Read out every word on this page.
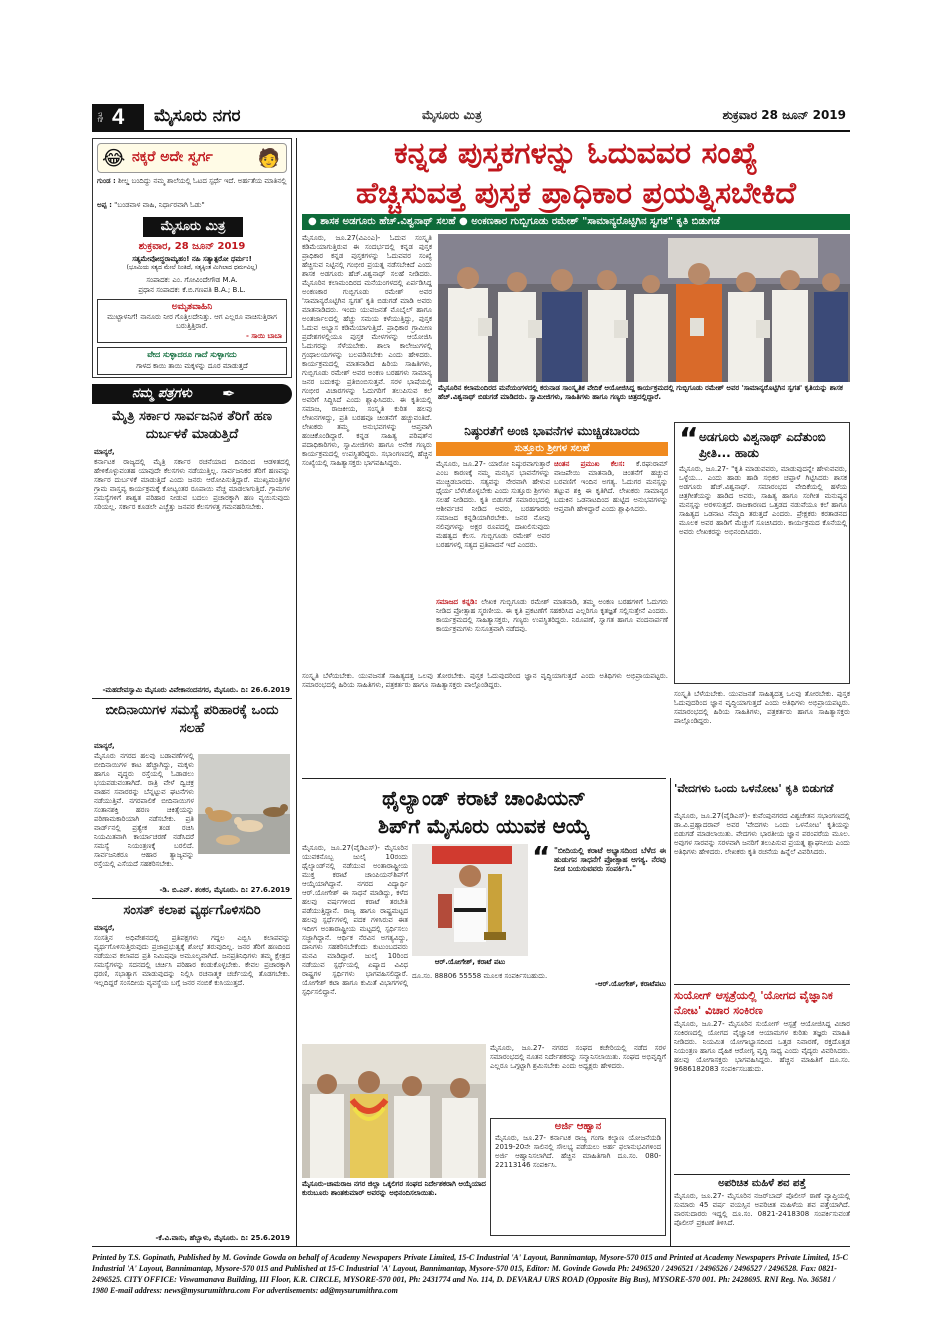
ಪುಟ 4 ಮೈಸೂರು ನಗರ	ಮೈಸೂರು ಮಿತ್ರ	ಶುಕ್ರವಾರ 28 ಜೂನ್ 2019
😂 ನಕ್ಕರೆ ಅದೇ ಸ್ವರ್ಗ 🧑
ಗುಂಡ : ಶೀಲ್ಡ ಬಂದಿದ್ದು ನಮ್ಮ ಶಾಲೆಯಲ್ಲಿ ಓಟದ ಸ್ಪರ್ಧೆ ಇದೆ. ಅರ್ಹತೆಯ ಮಾತಿನಲ್ಲಿ
ಅಪ್ಪ : "ಬಂಡವಾಳ ವಾಹಿ, ನಿರ್ಧಾರವಾಗಿ ಓಡು"
ಮೈಸೂರು ಮಿತ್ರ
ಶುಕ್ರವಾರ, 28 ಜೂನ್ 2019
ಸತ್ಯಮೇವೋದ್ಧರಾಮ್ಯಹಂ! ನಹಿ ಸತ್ಯಾತ್ಪರೋ ಧರ್ಮ:!
(ಭೂಮಿಯ ಸತ್ಯದ ಮೇಲೆ ನಿಂತಿದೆ, ಸತ್ಯಕ್ಕಿಂತ ಮಿಗಿಲಾದ ಧರ್ಮವಿಲ್ಲ)
ಸಂಪಾದಕ: ಎಂ. ಗೋವಿಂದೇಗೌಡ M.A.
ಪ್ರಧಾನ ಸಂಪಾದಕ: ಕೆ.ಬಿ.ಗಣಪತಿ B.A.; B.L.
ಅಮೃತವಾಹಿನಿ
ಮುಟ್ಟಾಳನಿಗೆ! ನಾನೂರು ನೀರ ಗೊತ್ತಿಲದೇನಿತ್ತು. ಆಗ ಎಲ್ಲರೂ ವಾಚಿಸುತ್ತಿರಾಗ ಬರುತ್ತಿತ್ತಿರಾರೆ.
- ಸಾಯಿ ಬಾಬಾ
ವೇದ ಸುಳ್ಳಾದರೂ ಗಾದೆ ಸುಳ್ಳಾಗದು
ಗಾಳದ ಕಾಯಿ ತಾಯಿ ಮಕ್ಕಳನ್ನು ದೂರ ಮಾಡುತ್ತದೆ
ನಮ್ಮ ಪತ್ರಗಳು ✒
ಮೈತ್ರಿ ಸರ್ಕಾರ ಸಾರ್ವಜನಿಕ ತೆರಿಗೆ ಹಣ ದುರ್ಬಳಕೆ ಮಾಡುತ್ತಿದೆ
ಮಾನ್ಯರೆ,
ಕರ್ನಾಟಕ ರಾಜ್ಯದಲ್ಲಿ ಮೈತ್ರಿ ಸರ್ಕಾರ ರಚನೆಯಾದ ದಿನದಿಂದ ಆಡಳಿತದಲ್ಲಿ ಹೇಳಿಕೊಳ್ಳುವಂತಹ ಯಾವುದೇ ಕೆಲಸಗಳು ನಡೆಯುತ್ತಿಲ್ಲ. ಸಾರ್ವಜನಿಕರ ತೆರಿಗೆ ಹಣವನ್ನು ಸರ್ಕಾರ ದುರ್ಬಳಕೆ ಮಾಡುತ್ತಿದೆ ಎಂದು ಜನರು ಆರೋಪಿಸುತ್ತಿದ್ದಾರೆ. ಮುಖ್ಯಮಂತ್ರಿಗಳ ಗ್ರಾಮ ವಾಸ್ತವ್ಯ ಕಾರ್ಯಕ್ರಮಕ್ಕೆ ಕೋಟ್ಯಂತರ ರೂಪಾಯಿ ವೆಚ್ಚ ಮಾಡಲಾಗುತ್ತಿದೆ. ಗ್ರಾಮಗಳ ಸಮಸ್ಯೆಗಳಿಗೆ ಶಾಶ್ವತ ಪರಿಹಾರ ನೀಡುವ ಬದಲು ಪ್ರಚಾರಕ್ಕಾಗಿ ಹಣ ವ್ಯಯಿಸುವುದು ಸರಿಯಲ್ಲ. ಸರ್ಕಾರ ಕೂಡಲೇ ಎಚ್ಚೆತ್ತು ಜನಪರ ಕೆಲಸಗಳತ್ತ ಗಮನಹರಿಸಬೇಕು.
-ಮಹದೇವಸ್ವಾಮಿ ಮೈಸೂರು ವಿವೇಕಾನಂದನಗರ, ಮೈಸೂರು. ದಿ: 26.6.2019
ಬೀದಿನಾಯಿಗಳ ಸಮಸ್ಯೆ ಪರಿಹಾರಕ್ಕೆ ಒಂದು ಸಲಹೆ
ಮಾನ್ಯರೆ,
ಮೈಸೂರು ನಗರದ ಹಲವು ಬಡಾವಣೆಗಳಲ್ಲಿ ಬೀದಿನಾಯಿಗಳ ಕಾಟ ಹೆಚ್ಚಾಗಿದ್ದು, ಮಕ್ಕಳು ಹಾಗೂ ವೃದ್ಧರು ರಸ್ತೆಯಲ್ಲಿ ಓಡಾಡಲು ಭಯಪಡುವಂತಾಗಿದೆ. ರಾತ್ರಿ ವೇಳೆ ದ್ವಿಚಕ್ರ ವಾಹನ ಸವಾರರನ್ನು ಬೆನ್ನಟ್ಟುವ ಘಟನೆಗಳು ನಡೆಯುತ್ತಿವೆ. ನಗರಪಾಲಿಕೆ ಬೀದಿನಾಯಿಗಳ ಸಂತಾನಶಕ್ತಿ ಹರಣ ಚಿಕಿತ್ಸೆಯನ್ನು ಪರಿಣಾಮಕಾರಿಯಾಗಿ ನಡೆಸಬೇಕು. ಪ್ರತಿ ವಾರ್ಡ್‌ನಲ್ಲಿ ಪ್ರತ್ಯೇಕ ತಂಡ ರಚಿಸಿ ನಿಯಮಿತವಾಗಿ ಕಾರ್ಯಾಚರಣೆ ನಡೆಸಿದರೆ ಸಮಸ್ಯೆ ನಿಯಂತ್ರಣಕ್ಕೆ ಬರಲಿದೆ. ಸಾರ್ವಜನಿಕರೂ ಆಹಾರ ತ್ಯಾಜ್ಯವನ್ನು ರಸ್ತೆಯಲ್ಲಿ ಎಸೆಯದೆ ಸಹಕರಿಸಬೇಕು.
-ಡಿ. ಬಿ.ಎನ್. ಶಂಕರ, ಮೈಸೂರು. ದಿ: 27.6.2019
ಸಂಸತ್ ಕಲಾಪ ವ್ಯರ್ಥಗೊಳಿಸದಿರಿ
ಮಾನ್ಯರೆ,
ಸಂಸತ್ತಿನ ಅಧಿವೇಶನದಲ್ಲಿ ಪ್ರತಿಪಕ್ಷಗಳು ಗದ್ದಲ ಎಬ್ಬಿಸಿ ಕಲಾಪವನ್ನು ವ್ಯರ್ಥಗೊಳಿಸುತ್ತಿರುವುದು ಪ್ರಜಾಪ್ರಭುತ್ವಕ್ಕೆ ಶೋಭೆ ತರುವುದಿಲ್ಲ. ಜನರ ತೆರಿಗೆ ಹಣದಿಂದ ನಡೆಯುವ ಕಲಾಪದ ಪ್ರತಿ ನಿಮಿಷವೂ ಅಮೂಲ್ಯವಾಗಿದೆ. ಜನಪ್ರತಿನಿಧಿಗಳು ತಮ್ಮ ಕ್ಷೇತ್ರದ ಸಮಸ್ಯೆಗಳನ್ನು ಸದನದಲ್ಲಿ ಚರ್ಚಿಸಿ ಪರಿಹಾರ ಕಂಡುಕೊಳ್ಳಬೇಕು. ಕೇವಲ ಪ್ರಚಾರಕ್ಕಾಗಿ ಧರಣಿ, ಸಭಾತ್ಯಾಗ ಮಾಡುವುದನ್ನು ನಿಲ್ಲಿಸಿ ರಚನಾತ್ಮಕ ಚರ್ಚೆಯಲ್ಲಿ ತೊಡಗಬೇಕು. ಇಲ್ಲದಿದ್ದರೆ ಸಂಸದೀಯ ವ್ಯವಸ್ಥೆಯ ಬಗ್ಗೆ ಜನರ ನಂಬಿಕೆ ಕುಸಿಯುತ್ತದೆ.
-ಕೆ.ವಿ.ವಾಸು, ಹೆಬ್ಬಾಳು, ಮೈಸೂರು. ದಿ: 25.6.2019
ಕನ್ನಡ ಪುಸ್ತಕಗಳನ್ನು ಓದುವವರ ಸಂಖ್ಯೆ
ಹೆಚ್ಚಿಸುವತ್ತ ಪುಸ್ತಕ ಪ್ರಾಧಿಕಾರ ಪ್ರಯತ್ನಿಸಬೇಕಿದೆ
● ಶಾಸಕ ಅಡಗೂರು ಹೆಚ್.ವಿಶ್ವನಾಥ್ ಸಲಹೆ ● ಅಂಕಣಕಾರ ಗುಬ್ಬಿಗೂಡು ರಮೇಶ್ "ಸಾಮಾನ್ಯರೊಟ್ಟಿಗಿನ ಸ್ವಗತ" ಕೃತಿ ಬಿಡುಗಡೆ
ಮೈಸೂರು, ಜೂ.27(ವಿಎಂಎ)- ಓದುವ ಸಂಸ್ಕೃತಿ ಕಡಿಮೆಯಾಗುತ್ತಿರುವ ಈ ಸಂದರ್ಭದಲ್ಲಿ ಕನ್ನಡ ಪುಸ್ತಕ ಪ್ರಾಧಿಕಾರ ಕನ್ನಡ ಪುಸ್ತಕಗಳನ್ನು ಓದುವವರ ಸಂಖ್ಯೆ ಹೆಚ್ಚಿಸುವ ನಿಟ್ಟಿನಲ್ಲಿ ಗಂಭೀರ ಪ್ರಯತ್ನ ನಡೆಸಬೇಕಿದೆ ಎಂದು ಶಾಸಕ ಅಡಗೂರು ಹೆಚ್.ವಿಶ್ವನಾಥ್ ಸಲಹೆ ನೀಡಿದರು. ಮೈಸೂರಿನ ಕಲಾಮಂದಿರದ ಮನೆಯಂಗಳದಲ್ಲಿ ಏರ್ಪಡಿಸಿದ್ದ ಅಂಕಣಕಾರ ಗುಬ್ಬಿಗೂಡು ರಮೇಶ್ ಅವರ 'ಸಾಮಾನ್ಯರೊಟ್ಟಿಗಿನ ಸ್ವಗತ' ಕೃತಿ ಬಿಡುಗಡೆ ಮಾಡಿ ಅವರು ಮಾತನಾಡಿದರು. ಇಂದು ಯುವಜನತೆ ಮೊಬೈಲ್ ಹಾಗೂ ಅಂತರ್ಜಾಲದಲ್ಲಿ ಹೆಚ್ಚು ಸಮಯ ಕಳೆಯುತ್ತಿದ್ದು, ಪುಸ್ತಕ ಓದುವ ಅಭ್ಯಾಸ ಕಡಿಮೆಯಾಗುತ್ತಿದೆ. ಪ್ರಾಧಿಕಾರ ಗ್ರಾಮೀಣ ಪ್ರದೇಶಗಳಲ್ಲಿಯೂ ಪುಸ್ತಕ ಮೇಳಗಳನ್ನು ಆಯೋಜಿಸಿ ಓದುಗರನ್ನು ಸೆಳೆಯಬೇಕು. ಶಾಲಾ ಕಾಲೇಜುಗಳಲ್ಲಿ ಗ್ರಂಥಾಲಯಗಳನ್ನು ಬಲಪಡಿಸಬೇಕು ಎಂದು ಹೇಳಿದರು. ಕಾರ್ಯಕ್ರಮದಲ್ಲಿ ಮಾತನಾಡಿದ ಹಿರಿಯ ಸಾಹಿತಿಗಳು, ಗುಬ್ಬಿಗೂಡು ರಮೇಶ್ ಅವರ ಅಂಕಣ ಬರಹಗಳು ಸಾಮಾನ್ಯ ಜನರ ಬದುಕನ್ನು ಪ್ರತಿಬಿಂಬಿಸುತ್ತವೆ. ಸರಳ ಭಾಷೆಯಲ್ಲಿ ಗಂಭೀರ ವಿಚಾರಗಳನ್ನು ಓದುಗರಿಗೆ ತಲುಪಿಸುವ ಕಲೆ ಅವರಿಗೆ ಸಿದ್ಧಿಸಿದೆ ಎಂದು ಶ್ಲಾಘಿಸಿದರು. ಈ ಕೃತಿಯಲ್ಲಿ ಸಮಾಜ, ರಾಜಕೀಯ, ಸಂಸ್ಕೃತಿ ಕುರಿತ ಹಲವು ಲೇಖನಗಳಿದ್ದು, ಪ್ರತಿ ಬರಹವೂ ಚಿಂತನೆಗೆ ಹಚ್ಚುವಂತಿದೆ. ಲೇಖಕರು ತಮ್ಮ ಅನುಭವಗಳನ್ನು ಆಪ್ತವಾಗಿ ಹಂಚಿಕೊಂಡಿದ್ದಾರೆ. ಕನ್ನಡ ಸಾಹಿತ್ಯ ಪರಿಷತ್‌ನ ಪದಾಧಿಕಾರಿಗಳು, ಸ್ವಾಮೀಜಿಗಳು ಹಾಗೂ ಅನೇಕ ಗಣ್ಯರು ಕಾರ್ಯಕ್ರಮದಲ್ಲಿ ಉಪಸ್ಥಿತರಿದ್ದರು. ಸಭಾಂಗಣದಲ್ಲಿ ಹೆಚ್ಚಿನ ಸಂಖ್ಯೆಯಲ್ಲಿ ಸಾಹಿತ್ಯಾಸಕ್ತರು ಭಾಗವಹಿಸಿದ್ದರು.
ಮೈಸೂರಿನ ಕಲಾಮಂದಿರದ ಮನೆಯಂಗಳದಲ್ಲಿ ಕರುನಾಡ ಸಾಂಸ್ಕೃತಿಕ ವೇದಿಕೆ ಆಯೋಜಿಸಿದ್ದ ಕಾರ್ಯಕ್ರಮದಲ್ಲಿ ಗುಬ್ಬಿಗೂಡು ರಮೇಶ್ ಅವರ 'ಸಾಮಾನ್ಯರೊಟ್ಟಿಗಿನ ಸ್ವಗತ' ಕೃತಿಯನ್ನು ಶಾಸಕ ಹೆಚ್.ವಿಶ್ವನಾಥ್ ಬಿಡುಗಡೆ ಮಾಡಿದರು. ಸ್ವಾಮೀಜಿಗಳು, ಸಾಹಿತಿಗಳು ಹಾಗೂ ಗಣ್ಯರು ಚಿತ್ರದಲ್ಲಿದ್ದಾರೆ.
ನಿಷ್ಠುರತೆಗೆ ಅಂಜಿ ಭಾವನೆಗಳ ಮುಚ್ಚಿಡಬಾರದು
ಸುತ್ತೂರು ಶ್ರೀಗಳ ಸಲಹೆ
ಮೈಸೂರು, ಜೂ.27- ಯಾರೋ ನಿಷ್ಠುರವಾಗುತ್ತಾರೆ ಎಂಬ ಕಾರಣಕ್ಕೆ ನಮ್ಮ ಮನಸ್ಸಿನ ಭಾವನೆಗಳನ್ನು ಮುಚ್ಚಿಡಬಾರದು. ಸತ್ಯವನ್ನು ನೇರವಾಗಿ ಹೇಳುವ ಧೈರ್ಯ ಬೆಳೆಸಿಕೊಳ್ಳಬೇಕು ಎಂದು ಸುತ್ತೂರು ಶ್ರೀಗಳು ಸಲಹೆ ನೀಡಿದರು. ಕೃತಿ ಬಿಡುಗಡೆ ಸಮಾರಂಭದಲ್ಲಿ ಆಶೀರ್ವಚನ ನೀಡಿದ ಅವರು, ಬರಹಗಾರರು ಸಮಾಜದ ಕನ್ನಡಿಯಾಗಿರಬೇಕು. ಜನರ ನೋವು ನಲಿವುಗಳನ್ನು ಅಕ್ಷರ ರೂಪದಲ್ಲಿ ದಾಖಲಿಸುವುದು ಮಹತ್ವದ ಕೆಲಸ. ಗುಬ್ಬಿಗೂಡು ರಮೇಶ್ ಅವರ ಬರಹಗಳಲ್ಲಿ ಸತ್ಯದ ಪ್ರತಿಪಾದನೆ ಇದೆ ಎಂದರು.
ಚಿಂತನ ಪ್ರಮುಖ ಕೆಲಸ: ಕೆ.ರಘುರಾಮ್ ವಾಜಪೇಯಿ ಮಾತನಾಡಿ, ಚಿಂತನೆಗೆ ಹಚ್ಚುವ ಬರವಣಿಗೆ ಇಂದಿನ ಅಗತ್ಯ. ಓದುಗರ ಮನಸ್ಸನ್ನು ತಟ್ಟುವ ಶಕ್ತಿ ಈ ಕೃತಿಗಿದೆ. ಲೇಖಕರು ಸಾಮಾನ್ಯರ ಬದುಕಿನ ಒಡನಾಟದಿಂದ ಹುಟ್ಟಿದ ಅನುಭವಗಳನ್ನು ಆಪ್ತವಾಗಿ ಹೇಳಿದ್ದಾರೆ ಎಂದು ಶ್ಲಾಘಿಸಿದರು.
ಸಮಾಜದ ಕನ್ನಡಿ: ಲೇಖಕ ಗುಬ್ಬಿಗೂಡು ರಮೇಶ್ ಮಾತನಾಡಿ, ತಮ್ಮ ಅಂಕಣ ಬರಹಗಳಿಗೆ ಓದುಗರು ನೀಡಿದ ಪ್ರೋತ್ಸಾಹ ಸ್ಮರಣೀಯ. ಈ ಕೃತಿ ಪ್ರಕಟಣೆಗೆ ಸಹಕರಿಸಿದ ಎಲ್ಲರಿಗೂ ಕೃತಜ್ಞತೆ ಸಲ್ಲಿಸುತ್ತೇನೆ ಎಂದರು. ಕಾರ್ಯಕ್ರಮದಲ್ಲಿ ಸಾಹಿತ್ಯಾಸಕ್ತರು, ಗಣ್ಯರು ಉಪಸ್ಥಿತರಿದ್ದರು. ನಿರೂಪಣೆ, ಸ್ವಾಗತ ಹಾಗೂ ವಂದನಾರ್ಪಣೆ ಕಾರ್ಯಕ್ರಮಗಳು ಸುಸೂತ್ರವಾಗಿ ನಡೆದವು.
“ ಅಡಗೂರು ವಿಶ್ವನಾಥ್ ಎದೆತುಂಬಿ ಪ್ರೀತಿ... ಹಾಡು
ಮೈಸೂರು, ಜೂ.27- "ಕೃತಿ ಮಾಡುವವರು, ಮಾಡುವುದನ್ನೇ ಹೇಳುವವರು, ಒಳ್ಳೆಯ... ಎಂದು ಹಾಡು ಹಾಡಿ ಸಭಿಕರ ಚಪ್ಪಾಳೆ ಗಿಟ್ಟಿಸಿದರು ಶಾಸಕ ಅಡಗೂರು ಹೆಚ್.ವಿಶ್ವನಾಥ್. ಸಮಾರಂಭದ ವೇದಿಕೆಯಲ್ಲಿ ಹಳೆಯ ಚಿತ್ರಗೀತೆಯನ್ನು ಹಾಡಿದ ಅವರು, ಸಾಹಿತ್ಯ ಹಾಗೂ ಸಂಗೀತ ಮನುಷ್ಯನ ಮನಸ್ಸನ್ನು ಅರಳಿಸುತ್ತದೆ. ರಾಜಕಾರಣದ ಒತ್ತಡದ ನಡುವೆಯೂ ಕಲೆ ಹಾಗೂ ಸಾಹಿತ್ಯದ ಒಡನಾಟ ನೆಮ್ಮದಿ ತರುತ್ತದೆ ಎಂದರು. ಪ್ರೇಕ್ಷಕರು ಕರತಾಡನದ ಮೂಲಕ ಅವರ ಹಾಡಿಗೆ ಮೆಚ್ಚುಗೆ ಸೂಚಿಸಿದರು. ಕಾರ್ಯಕ್ರಮದ ಕೊನೆಯಲ್ಲಿ ಅವರು ಲೇಖಕರನ್ನು ಅಭಿನಂದಿಸಿದರು.
ಸಂಸ್ಕೃತಿ ಬೆಳೆಯಬೇಕು. ಯುವಜನತೆ ಸಾಹಿತ್ಯದತ್ತ ಒಲವು ತೋರಬೇಕು. ಪುಸ್ತಕ ಓದುವುದರಿಂದ ಜ್ಞಾನ ವೃದ್ಧಿಯಾಗುತ್ತದೆ ಎಂದು ಅತಿಥಿಗಳು ಅಭಿಪ್ರಾಯಪಟ್ಟರು. ಸಮಾರಂಭದಲ್ಲಿ ಹಿರಿಯ ಸಾಹಿತಿಗಳು, ಪತ್ರಕರ್ತರು ಹಾಗೂ ಸಾಹಿತ್ಯಾಸಕ್ತರು ಪಾಲ್ಗೊಂಡಿದ್ದರು.
ಸಂಸ್ಕೃತಿ ಬೆಳೆಯಬೇಕು. ಯುವಜನತೆ ಸಾಹಿತ್ಯದತ್ತ ಒಲವು ತೋರಬೇಕು. ಪುಸ್ತಕ ಓದುವುದರಿಂದ ಜ್ಞಾನ ವೃದ್ಧಿಯಾಗುತ್ತದೆ ಎಂದು ಅತಿಥಿಗಳು ಅಭಿಪ್ರಾಯಪಟ್ಟರು. ಸಮಾರಂಭದಲ್ಲಿ ಹಿರಿಯ ಸಾಹಿತಿಗಳು, ಪತ್ರಕರ್ತರು ಹಾಗೂ ಸಾಹಿತ್ಯಾಸಕ್ತರು ಪಾಲ್ಗೊಂಡಿದ್ದರು.
ಥೈಲ್ಯಾಂಡ್ ಕರಾಟೆ ಚಾಂಪಿಯನ್
ಶಿಪ್‌ಗೆ ಮೈಸೂರು ಯುವಕ ಆಯ್ಕೆ
ಮೈಸೂರು, ಜೂ.27(ವೈಡಿಎಸ್)- ಮೈಸೂರಿನ ಯುವಕನೊಬ್ಬ ಜುಲೈ 10ರಂದು ಥೈಲ್ಯಾಂಡ್‌ನಲ್ಲಿ ನಡೆಯುವ ಅಂತಾರಾಷ್ಟ್ರೀಯ ಮುಕ್ತ ಕರಾಟೆ ಚಾಂಪಿಯನ್‌ಶಿಪ್‌ಗೆ ಆಯ್ಕೆಯಾಗಿದ್ದಾನೆ. ನಗರದ ವಿದ್ಯಾರ್ಥಿ ಆರ್.ಯೋಗೇಶ್ ಈ ಸಾಧನೆ ಮಾಡಿದ್ದು, ಕಳೆದ ಹಲವು ವರ್ಷಗಳಿಂದ ಕರಾಟೆ ತರಬೇತಿ ಪಡೆಯುತ್ತಿದ್ದಾನೆ. ರಾಜ್ಯ ಹಾಗೂ ರಾಷ್ಟ್ರಮಟ್ಟದ ಹಲವು ಸ್ಪರ್ಧೆಗಳಲ್ಲಿ ಪದಕ ಗಳಿಸಿರುವ ಈತ ಇದೀಗ ಅಂತಾರಾಷ್ಟ್ರೀಯ ಮಟ್ಟದಲ್ಲಿ ಸ್ಪರ್ಧಿಸಲು ಸಜ್ಜಾಗಿದ್ದಾನೆ. ಆರ್ಥಿಕ ನೆರವಿನ ಅಗತ್ಯವಿದ್ದು, ದಾನಿಗಳು ಸಹಕರಿಸಬೇಕೆಂದು ಕುಟುಂಬದವರು ಮನವಿ ಮಾಡಿದ್ದಾರೆ. ಜುಲೈ 10ರಿಂದ ನಡೆಯುವ ಸ್ಪರ್ಧೆಯಲ್ಲಿ ಏಷ್ಯಾದ ವಿವಿಧ ರಾಷ್ಟ್ರಗಳ ಸ್ಪರ್ಧಿಗಳು ಭಾಗವಹಿಸಲಿದ್ದಾರೆ. ಯೋಗೇಶ್ ಕಟಾ ಹಾಗೂ ಕುಮಿತೆ ವಿಭಾಗಗಳಲ್ಲಿ ಸ್ಪರ್ಧಿಸಲಿದ್ದಾನೆ.
ಆರ್.ಯೋಗೇಶ್, ಕರಾಟೆ ಪಟು
“ "ಬೀದಿಯಲ್ಲಿ ಕರಾಟೆ ಅಭ್ಯಾಸದಿಂದ ಬೆಳೆದ ಈ ಹುಡುಗನ ಸಾಧನೆಗೆ ಪ್ರೋತ್ಸಾಹ ಅಗತ್ಯ. ನೆರವು ನೀಡ ಬಯಸುವವರು ಸಂಪರ್ಕಿಸಿ."
-ಆರ್.ಯೋಗೇಶ್, ಕರಾಟೆಪಟು
ದೂ.ಸಂ. 88806 55558 ಮೂಲಕ ಸಂಪರ್ಕಿಸಬಹುದು.
ಮೈಸೂರು-ಚಾಮರಾಜ ನಗರ ಜಿಲ್ಲಾ ಒಕ್ಕಲಿಗರ ಸಂಘದ ನಿರ್ದೇಶಕರಾಗಿ ಆಯ್ಕೆಯಾದ ಕುರುಬೂರು ಶಾಂತಕುಮಾರ್ ಅವರನ್ನು ಅಭಿನಂದಿಸಲಾಯಿತು.
ಮೈಸೂರು, ಜೂ.27- ನಗರದ ಸಂಘದ ಕಚೇರಿಯಲ್ಲಿ ನಡೆದ ಸರಳ ಸಮಾರಂಭದಲ್ಲಿ ನೂತನ ನಿರ್ದೇಶಕರನ್ನು ಸನ್ಮಾನಿಸಲಾಯಿತು. ಸಂಘದ ಅಭಿವೃದ್ಧಿಗೆ ಎಲ್ಲರೂ ಒಗ್ಗಟ್ಟಾಗಿ ಶ್ರಮಿಸಬೇಕು ಎಂದು ಅಧ್ಯಕ್ಷರು ಹೇಳಿದರು.
ಅರ್ಜಿ ಆಹ್ವಾನ
ಮೈಸೂರು, ಜೂ.27- ಕರ್ನಾಟಕ ರಾಜ್ಯ ಗಂಗಾ ಕಲ್ಯಾಣ ಯೋಜನೆಯಡಿ 2019-20ನೇ ಸಾಲಿನಲ್ಲಿ ಸೌಲಭ್ಯ ಪಡೆಯಲು ಅರ್ಹ ಫಲಾನುಭವಿಗಳಿಂದ ಅರ್ಜಿ ಆಹ್ವಾನಿಸಲಾಗಿದೆ. ಹೆಚ್ಚಿನ ಮಾಹಿತಿಗಾಗಿ ದೂ.ಸಂ. 080-22113146 ಸಂಪರ್ಕಿಸಿ.
'ವೇದಗಳು ಒಂದು ಒಳನೋಟ' ಕೃತಿ ಬಿಡುಗಡೆ
ಮೈಸೂರು, ಜೂ.27(ವೈಡಿಎಸ್)- ಕುವೆಂಪುನಗರದ ವಿಶ್ವಚೇತನ ಸಭಾಂಗಣದಲ್ಲಿ ಡಾ.ವಿ.ಪ್ರಹ್ಲಾದರಾವ್ ಅವರ 'ವೇದಗಳು ಒಂದು ಒಳನೋಟ' ಕೃತಿಯನ್ನು ಬಿಡುಗಡೆ ಮಾಡಲಾಯಿತು. ವೇದಗಳು ಭಾರತೀಯ ಜ್ಞಾನ ಪರಂಪರೆಯ ಮೂಲ. ಅವುಗಳ ಸಾರವನ್ನು ಸರಳವಾಗಿ ಜನರಿಗೆ ತಲುಪಿಸುವ ಪ್ರಯತ್ನ ಶ್ಲಾಘನೀಯ ಎಂದು ಅತಿಥಿಗಳು ಹೇಳಿದರು. ಲೇಖಕರು ಕೃತಿ ರಚನೆಯ ಹಿನ್ನೆಲೆ ವಿವರಿಸಿದರು.
ಸುಯೋಗ್ ಆಸ್ಪತ್ರೆಯಲ್ಲಿ 'ಯೋಗದ ವೈಜ್ಞಾನಿಕ ನೋಟ' ವಿಚಾರ ಸಂಕಿರಣ
ಮೈಸೂರು, ಜೂ.27- ಮೈಸೂರಿನ ಸುಯೋಗ್ ಆಸ್ಪತ್ರೆ ಆಯೋಜಿಸಿದ್ದ ವಿಚಾರ ಸಂಕಿರಣದಲ್ಲಿ ಯೋಗದ ವೈಜ್ಞಾನಿಕ ಆಯಾಮಗಳ ಕುರಿತು ತಜ್ಞರು ಮಾಹಿತಿ ನೀಡಿದರು. ನಿಯಮಿತ ಯೋಗಾಭ್ಯಾಸದಿಂದ ಒತ್ತಡ ನಿವಾರಣೆ, ರಕ್ತದೊತ್ತಡ ನಿಯಂತ್ರಣ ಹಾಗೂ ದೈಹಿಕ ಆರೋಗ್ಯ ವೃದ್ಧಿ ಸಾಧ್ಯ ಎಂದು ವೈದ್ಯರು ವಿವರಿಸಿದರು. ಹಲವು ಯೋಗಾಸಕ್ತರು ಭಾಗವಹಿಸಿದ್ದರು. ಹೆಚ್ಚಿನ ಮಾಹಿತಿಗೆ ದೂ.ಸಂ. 9686182083 ಸಂಪರ್ಕಿಸಬಹುದು.
ಅಪರಿಚಿತ ಮಹಿಳೆ ಶವ ಪತ್ತೆ
ಮೈಸೂರು, ಜೂ.27- ಮೈಸೂರಿನ ನಜರ್‌ಬಾದ್ ಪೊಲೀಸ್ ಠಾಣೆ ವ್ಯಾಪ್ತಿಯಲ್ಲಿ ಸುಮಾರು 45 ವರ್ಷ ವಯಸ್ಸಿನ ಅಪರಿಚಿತ ಮಹಿಳೆಯ ಶವ ಪತ್ತೆಯಾಗಿದೆ. ವಾರಸುದಾರರು ಇದ್ದಲ್ಲಿ ದೂ.ಸಂ. 0821-2418308 ಸಂಪರ್ಕಿಸುವಂತೆ ಪೊಲೀಸ್ ಪ್ರಕಟಣೆ ತಿಳಿಸಿದೆ.
Printed by T.S. Gopinath, Published by M. Govinde Gowda on behalf of Academy Newspapers Private Limited, 15-C Industrial 'A' Layout, Bannimantap, Mysore-570 015 and Printed at Academy Newspapers Private Limited, 15-C Industrial 'A' Layout, Bannimantap, Mysore-570 015 and Published at 15-C Industrial 'A' Layout, Bannimantap, Mysore-570 015, Editor: M. Govinde Gowda Ph: 2496520 / 2496521 / 2496526 / 2496527 / 2496528. Fax: 0821-2496525. CITY OFFICE: Viswamanava Building, III Floor, K.R. CIRCLE, MYSORE-570 001, Ph: 2431774 and No. 114, D. DEVARAJ URS ROAD (Opposite Big Bus), MYSORE-570 001. Ph: 2428695. RNI Reg. No. 36581 / 1980 E-mail address: news@mysurumithra.com For advertisements: ad@mysurumithra.com
